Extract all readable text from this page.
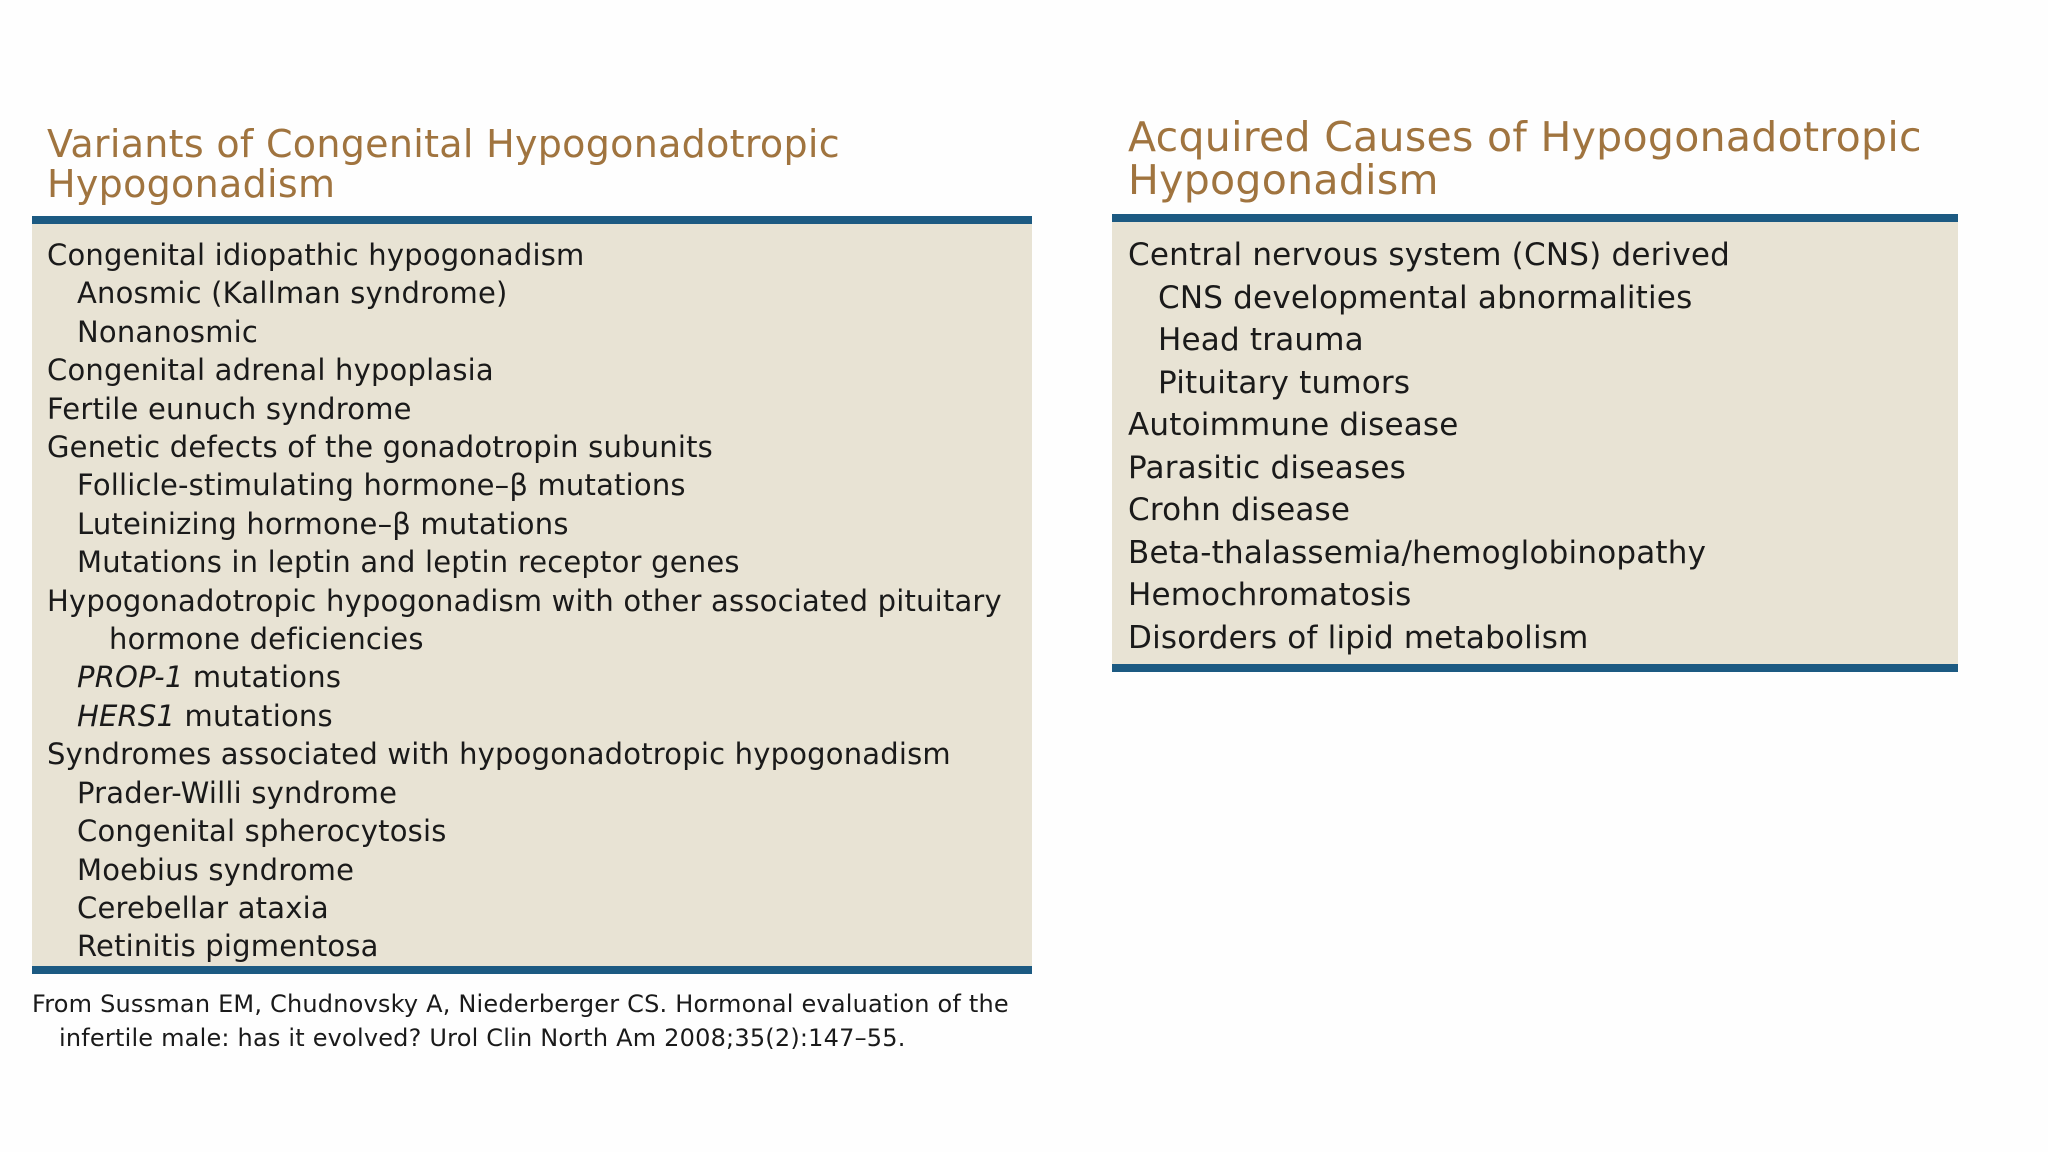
Variants of Congenital Hypogonadotropic
Hypogonadism
Congenital idiopathic hypogonadism
Anosmic (Kallman syndrome)
Nonanosmic
Congenital adrenal hypoplasia
Fertile eunuch syndrome
Genetic defects of the gonadotropin subunits
Follicle-stimulating hormone–β mutations
Luteinizing hormone–β mutations
Mutations in leptin and leptin receptor genes
Hypogonadotropic hypogonadism with other associated pituitary
hormone deficiencies
PROP-1 mutations
HERS1 mutations
Syndromes associated with hypogonadotropic hypogonadism
Prader-Willi syndrome
Congenital spherocytosis
Moebius syndrome
Cerebellar ataxia
Retinitis pigmentosa
From Sussman EM, Chudnovsky A, Niederberger CS. Hormonal evaluation of the
infertile male: has it evolved? Urol Clin North Am 2008;35(2):147–55.
Acquired Causes of Hypogonadotropic
Hypogonadism
Central nervous system (CNS) derived
CNS developmental abnormalities
Head trauma
Pituitary tumors
Autoimmune disease
Parasitic diseases
Crohn disease
Beta-thalassemia/hemoglobinopathy
Hemochromatosis
Disorders of lipid metabolism
